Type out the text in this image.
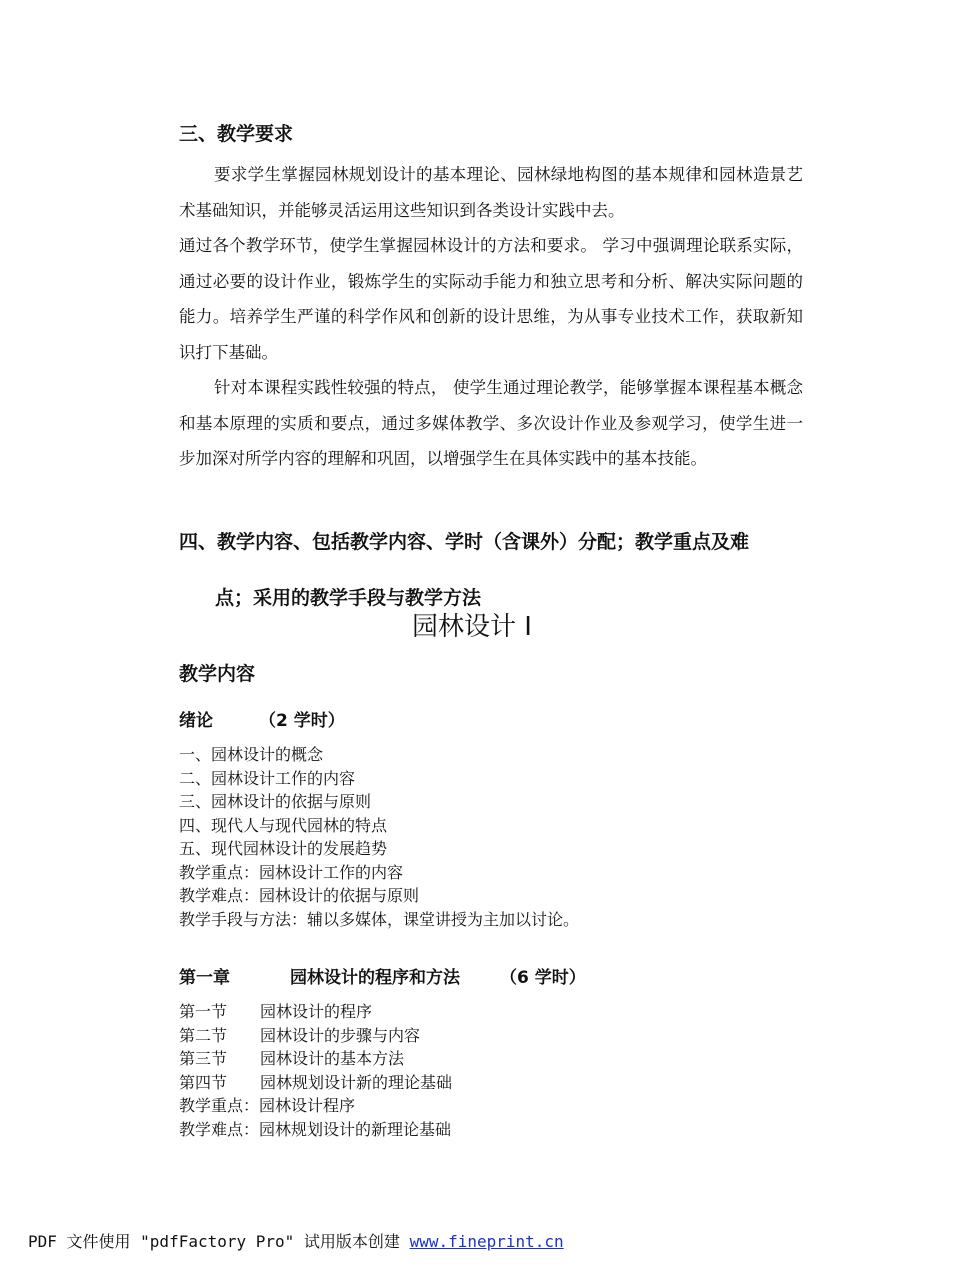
三、教学要求
要求学生掌握园林规划设计的基本理论、园林绿地构图的基本规律和园林造景艺术基础知识，并能够灵活运用这些知识到各类设计实践中去。
通过各个教学环节，使学生掌握园林设计的方法和要求。 学习中强调理论联系实际，通过必要的设计作业，锻炼学生的实际动手能力和独立思考和分析、解决实际问题的能力。培养学生严谨的科学作风和创新的设计思维，为从事专业技术工作，获取新知识打下基础。
针对本课程实践性较强的特点， 使学生通过理论教学，能够掌握本课程基本概念和基本原理的实质和要点，通过多媒体教学、多次设计作业及参观学习，使学生进一步加深对所学内容的理解和巩固，以增强学生在具体实践中的基本技能。
四、教学内容、包括教学内容、学时（含课外）分配；教学重点及难
点；采用的教学手段与教学方法
园林设计 I
教学内容
绪论	（2 学时）
一、园林设计的概念
二、园林设计工作的内容
三、园林设计的依据与原则
四、现代人与现代园林的特点
五、现代园林设计的发展趋势
教学重点：园林设计工作的内容
教学难点：园林设计的依据与原则
教学手段与方法：辅以多媒体，课堂讲授为主加以讨论。
第一章	园林设计的程序和方法 （6 学时）
第一节 园林设计的程序
第二节 园林设计的步骤与内容
第三节 园林设计的基本方法
第四节 园林规划设计新的理论基础
教学重点：园林设计程序
教学难点：园林规划设计的新理论基础
PDF 文件使用 "pdfFactory Pro" 试用版本创建 www.fineprint.cn
